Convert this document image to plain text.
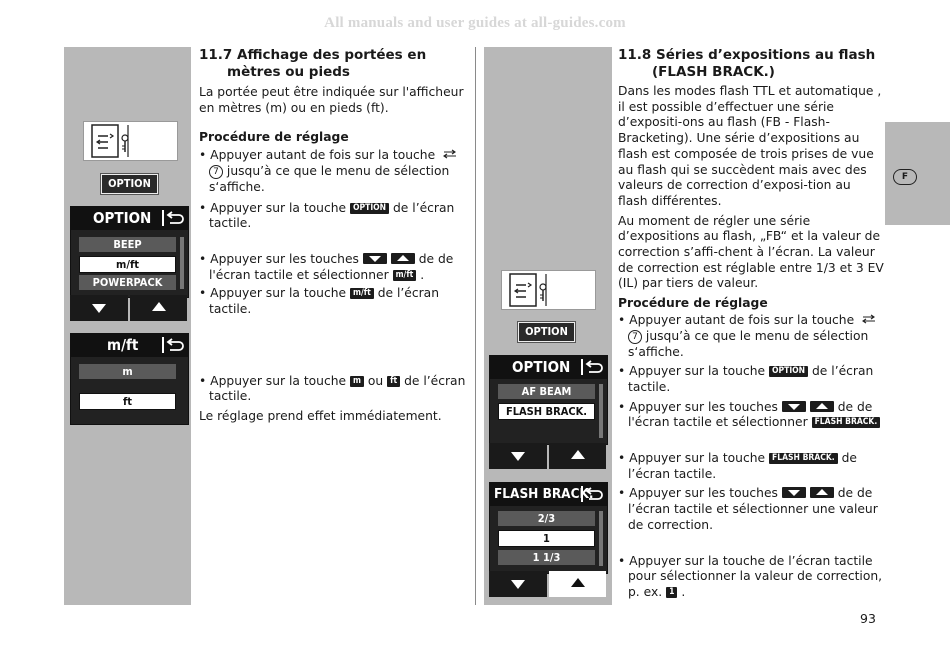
All manuals and user guides at all-guides.com
F
OPTION
OPTION
BEEP
m/ft
POWERPACK
m/ft
m
ft
11.7 Affichage des portées en mètres ou pieds
La portée peut être indiquée sur l'afficheur en mètres (m) ou en pieds (ft).
Procédure de réglage
• Appuyer autant de fois sur la touche  7 jusqu’à ce que le menu de sélection s‘affiche.
• Appuyer sur la touche OPTION de l’écran tactile.
• Appuyer sur les touches	de de l'écran tactile et sélectionner m/ft .
• Appuyer sur la touche m/ft de l’écran tactile.
• Appuyer sur la touche m ou ft de l’écran tactile.
Le réglage prend effet immédiatement.
OPTION
OPTION
AF BEAM
FLASH BRACK.
FLASH BRACK.
2/3
1
1 1/3
11.8 Séries d’expositions au flash
(FLASH BRACK.)
Dans les modes flash TTL et automatique , il est possible d’effectuer une série d’expositi-ons au flash (FB - Flash-Bracketing). Une série d’expositions au flash est composée de trois prises de vue au flash qui se succèdent mais avec des valeurs de correction d’exposi-tion au flash différentes.
Au moment de régler une série d’expositions au flash, „FB“ et la valeur de correction s’affi-chent à l’écran. La valeur de correction est réglable entre 1/3 et 3 EV (IL) par tiers de valeur.
Procédure de réglage
• Appuyer autant de fois sur la touche  7 jusqu’à ce que le menu de sélection s‘affiche.
• Appuyer sur la touche OPTION de l’écran tactile.
• Appuyer sur les touches	de de l'écran tactile et sélectionner FLASH BRACK.
• Appuyer sur la touche FLASH BRACK. de l’écran tactile.
• Appuyer sur les touches	de de l’écran tactile et sélectionner une valeur de correction.
• Appuyer sur la touche de l’écran tactile pour sélectionner la valeur de correction, p. ex. 1 .
93
